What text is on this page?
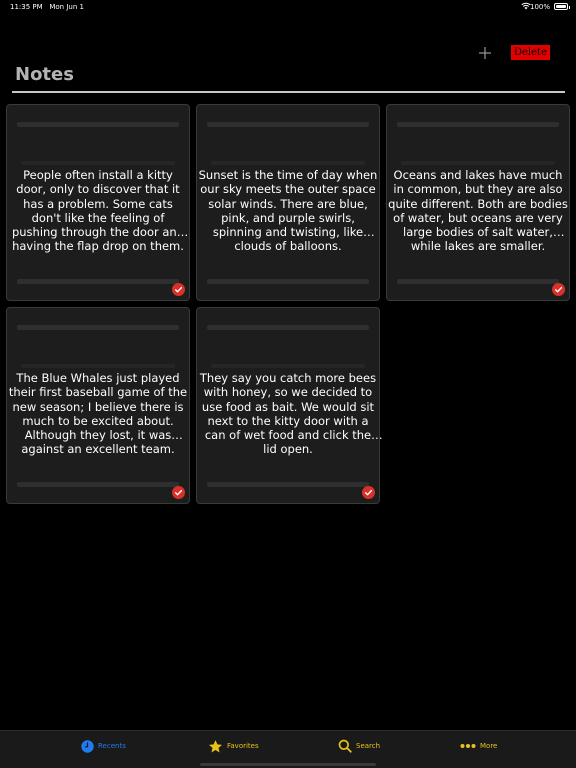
11:35 PM Mon Jun 1	100%
Delete
Notes

People often install a kitty door, only to discover that it has a problem. Some cats don't like the feeling of pushing through the door and having the flap drop on them.

Sunset is the time of day when our sky meets the outer space solar winds. There are blue, pink, and purple swirls, spinning and twisting, like clouds of balloons.

Oceans and lakes have much in common, but they are also quite different. Both are bodies of water, but oceans are very large bodies of salt water, while lakes are smaller.

The Blue Whales just played their first baseball game of the new season; I believe there is much to be excited about. Although they lost, it was against an excellent team.

They say you catch more bees with honey, so we decided to use food as bait. We would sit next to the kitty door with a can of wet food and click the lid open.

Recents	Favorites	Search	More
